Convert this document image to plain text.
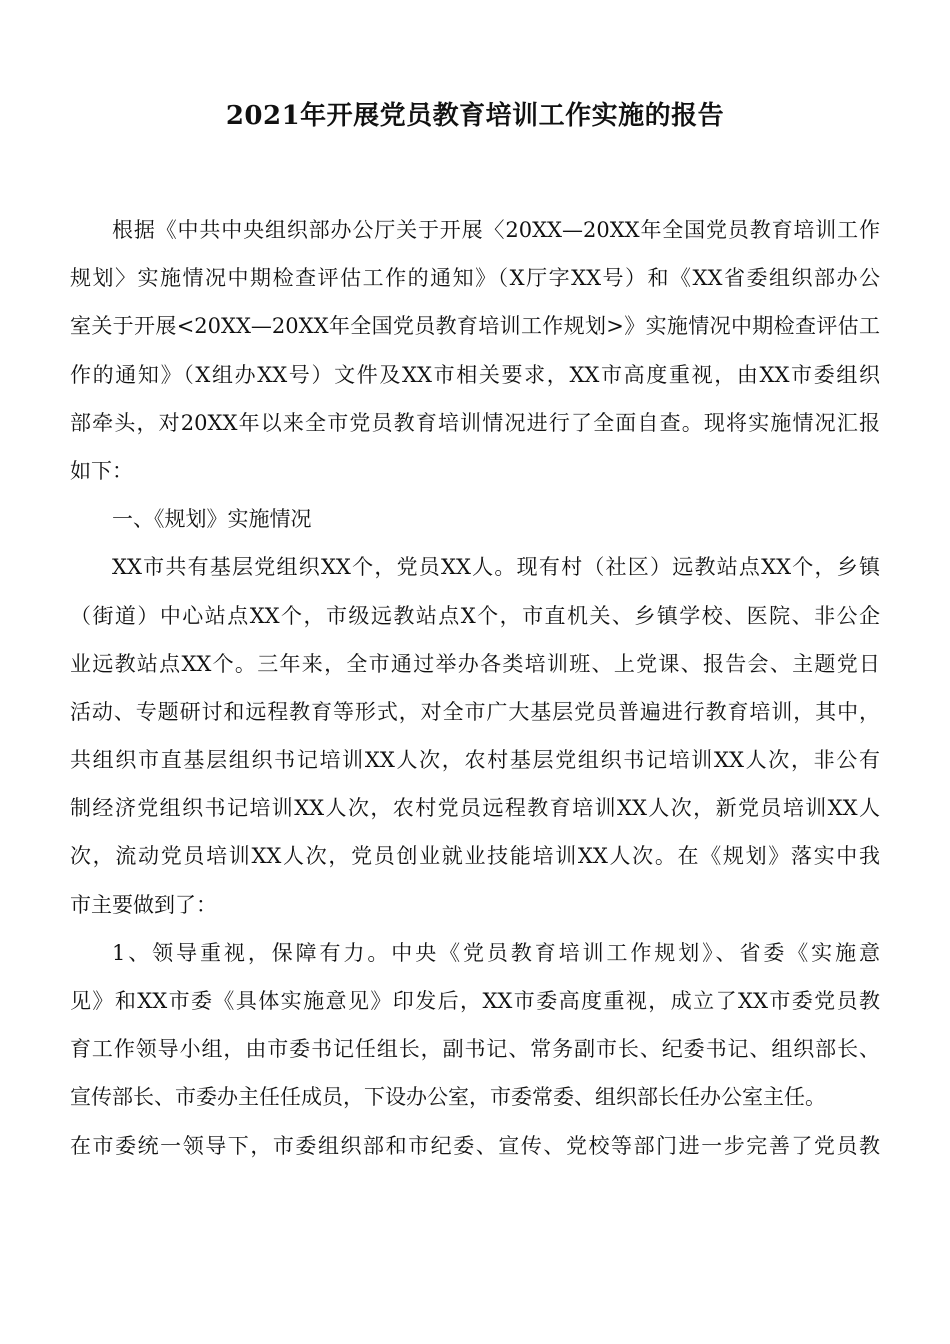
2021年开展党员教育培训工作实施的报告
根据《中共中央组织部办公厅关于开展〈20XX—20XX年全国党员教育培训工作
规划〉实施情况中期检查评估工作的通知》（X厅字XX号）和《XX省委组织部办公
室关于开展<20XX—20XX年全国党员教育培训工作规划>》实施情况中期检查评估工
作的通知》（X组办XX号）文件及XX市相关要求，XX市高度重视，由XX市委组织
部牵头，对20XX年以来全市党员教育培训情况进行了全面自查。现将实施情况汇报
如下：
一、《规划》实施情况
XX市共有基层党组织XX个，党员XX人。现有村（社区）远教站点XX个，乡镇
（街道）中心站点XX个，市级远教站点X个，市直机关、乡镇学校、医院、非公企
业远教站点XX个。三年来，全市通过举办各类培训班、上党课、报告会、主题党日
活动、专题研讨和远程教育等形式，对全市广大基层党员普遍进行教育培训，其中，
共组织市直基层组织书记培训XX人次，农村基层党组织书记培训XX人次，非公有
制经济党组织书记培训XX人次，农村党员远程教育培训XX人次，新党员培训XX人
次，流动党员培训XX人次，党员创业就业技能培训XX人次。在《规划》落实中我
市主要做到了：
1、领导重视，保障有力。中央《党员教育培训工作规划》、省委《实施意
见》和XX市委《具体实施意见》印发后，XX市委高度重视，成立了XX市委党员教
育工作领导小组，由市委书记任组长，副书记、常务副市长、纪委书记、组织部长、
宣传部长、市委办主任任成员，下设办公室，市委常委、组织部长任办公室主任。
在市委统一领导下，市委组织部和市纪委、宣传、党校等部门进一步完善了党员教
